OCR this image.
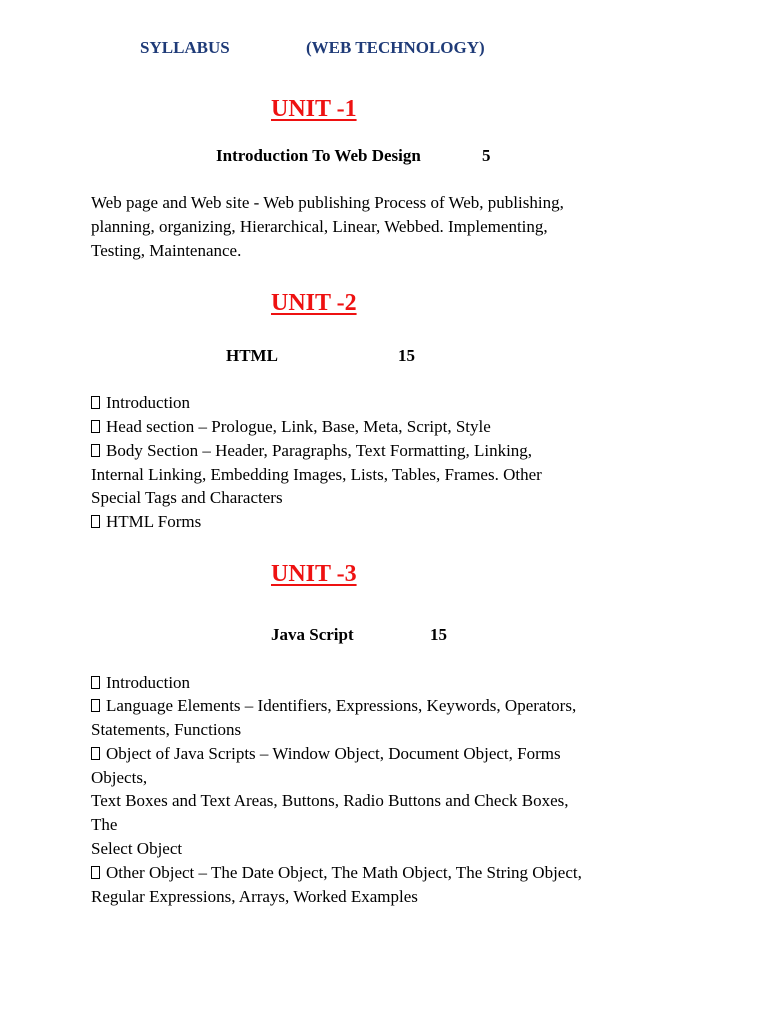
SYLLABUS	(WEB TECHNOLOGY)
UNIT -1
Introduction To Web Design	5
Web page and Web site - Web publishing Process of Web, publishing,
planning, organizing, Hierarchical, Linear, Webbed. Implementing,
Testing, Maintenance.
UNIT -2
HTML	15
Introduction
Head section – Prologue, Link, Base, Meta, Script, Style
Body Section – Header, Paragraphs, Text Formatting, Linking,
Internal Linking, Embedding Images, Lists, Tables, Frames. Other
Special Tags and Characters
HTML Forms
UNIT -3
Java Script	15
Introduction
Language Elements – Identifiers, Expressions, Keywords, Operators,
Statements, Functions
Object of Java Scripts – Window Object, Document Object, Forms
Objects,
Text Boxes and Text Areas, Buttons, Radio Buttons and Check Boxes,
The
Select Object
Other Object – The Date Object, The Math Object, The String Object,
Regular Expressions, Arrays, Worked Examples
